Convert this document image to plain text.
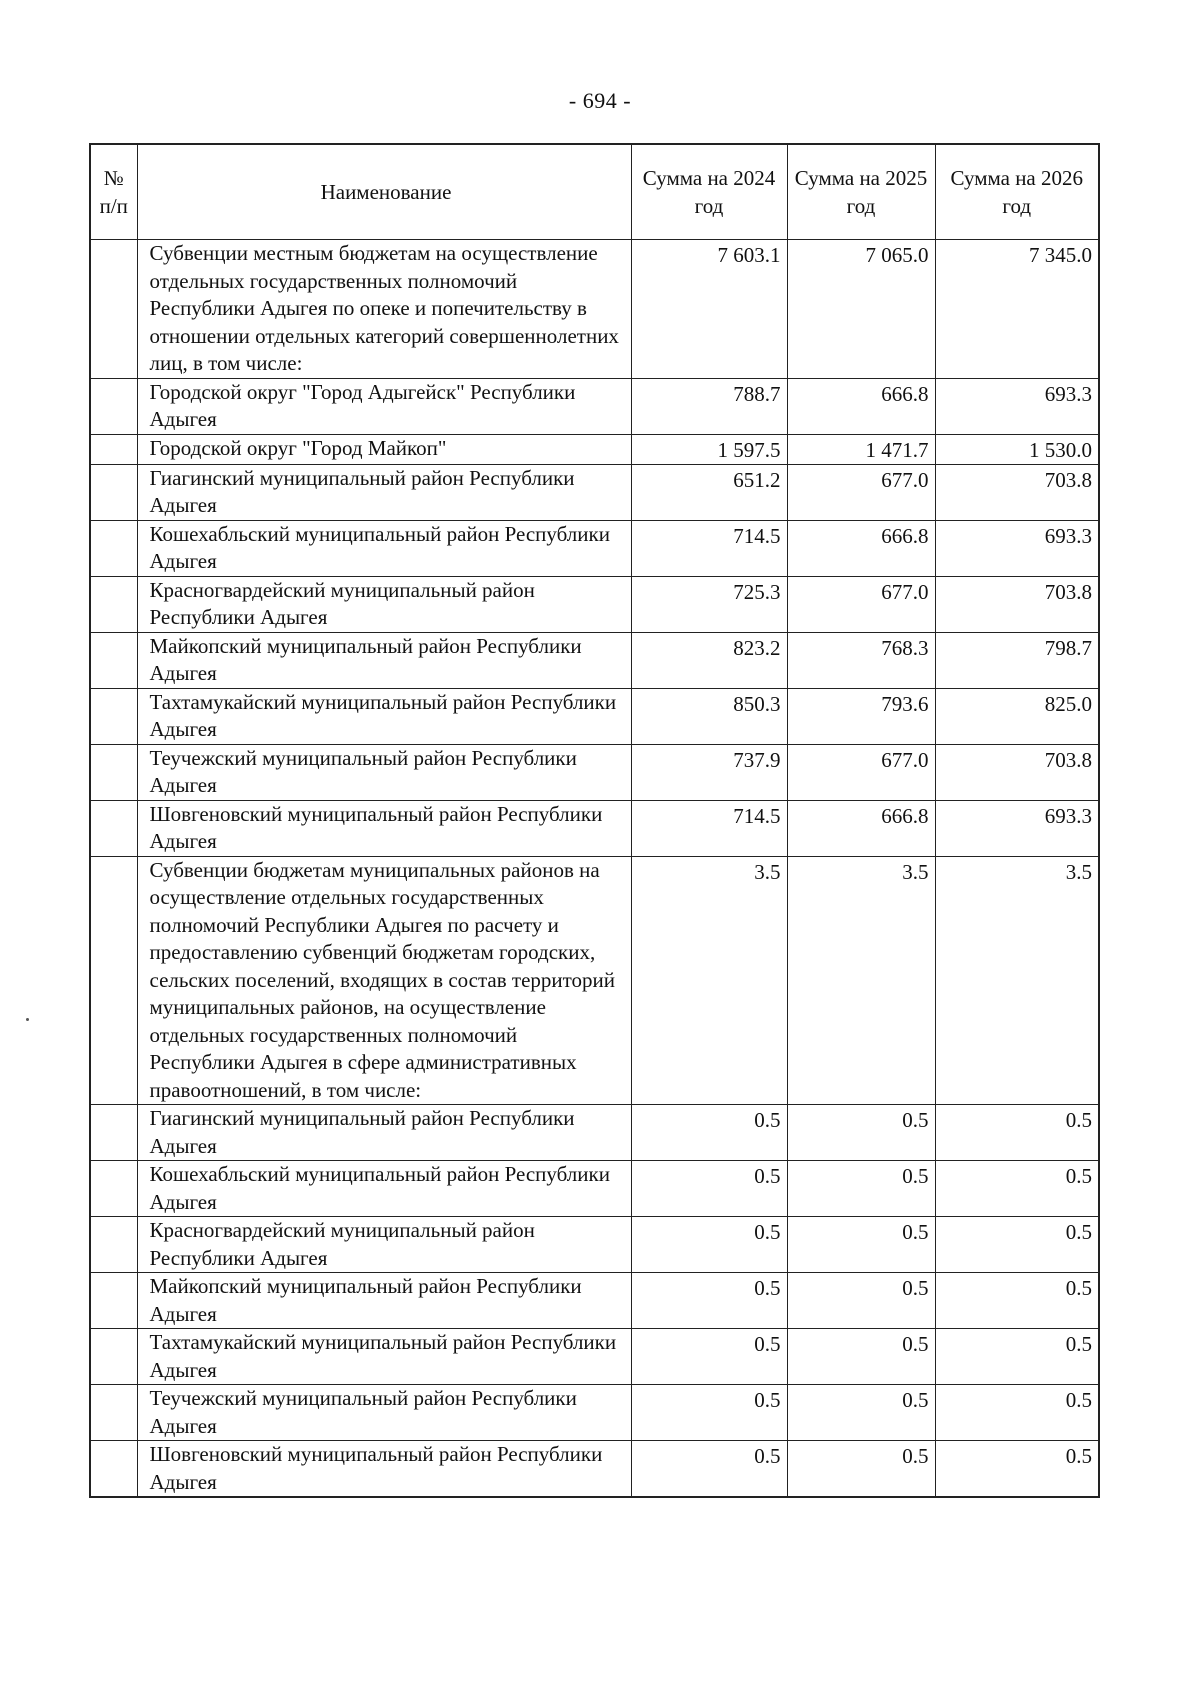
- 694 -
№ п/п	Наименование	Сумма на 2024 год	Сумма на 2025 год	Сумма на 2026 год
	Субвенции местным бюджетам на осуществление отдельных государственных полномочий Республики Адыгея по опеке и попечительству в отношении отдельных категорий совершеннолетних лиц, в том числе:	7 603.1	7 065.0	7 345.0
	Городской округ "Город Адыгейск" Республики Адыгея	788.7	666.8	693.3
	Городской округ "Город Майкоп"	1 597.5	1 471.7	1 530.0
	Гиагинский муниципальный район Республики Адыгея	651.2	677.0	703.8
	Кошехабльский муниципальный район Республики Адыгея	714.5	666.8	693.3
	Красногвардейский муниципальный район Республики Адыгея	725.3	677.0	703.8
	Майкопский муниципальный район Республики Адыгея	823.2	768.3	798.7
	Тахтамукайский муниципальный район Республики Адыгея	850.3	793.6	825.0
	Теучежский муниципальный район Республики Адыгея	737.9	677.0	703.8
	Шовгеновский муниципальный район Республики Адыгея	714.5	666.8	693.3
	Субвенции бюджетам муниципальных районов на осуществление отдельных государственных полномочий Республики Адыгея по расчету и предоставлению субвенций бюджетам городских, сельских поселений, входящих в состав территорий муниципальных районов, на осуществление отдельных государственных полномочий Республики Адыгея в сфере административных правоотношений, в том числе:	3.5	3.5	3.5
	Гиагинский муниципальный район Республики Адыгея	0.5	0.5	0.5
	Кошехабльский муниципальный район Республики Адыгея	0.5	0.5	0.5
	Красногвардейский муниципальный район Республики Адыгея	0.5	0.5	0.5
	Майкопский муниципальный район Республики Адыгея	0.5	0.5	0.5
	Тахтамукайский муниципальный район Республики Адыгея	0.5	0.5	0.5
	Теучежский муниципальный район Республики Адыгея	0.5	0.5	0.5
	Шовгеновский муниципальный район Республики Адыгея	0.5	0.5	0.5
